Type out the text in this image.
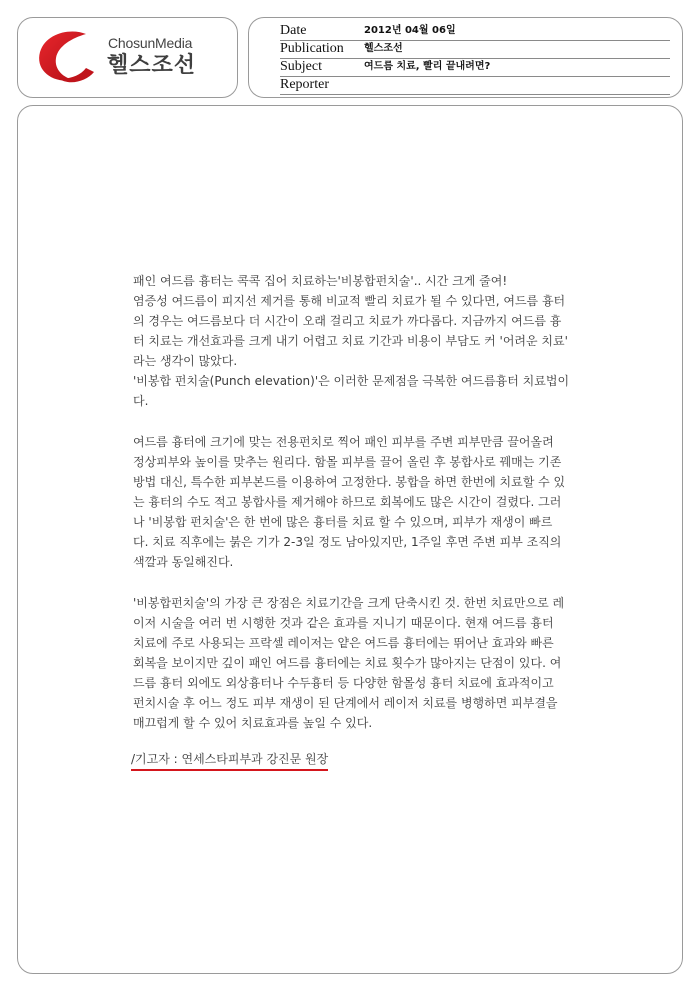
ChosunMedia
헬스조선
Date	2012년 04월 06일
Publication 헬스조선
Subject	여드름 치료, 빨리 끝내려면?
Reporter

패인 여드름 흉터는 콕콕 집어 치료하는'비봉합펀치술'.. 시간 크게 줄여!
염증성 여드름이 피지선 제거를 통해 비교적 빨리 치료가 될 수 있다면, 여드름 흉터
의 경우는 여드름보다 더 시간이 오래 걸리고 치료가 까다롭다. 지금까지 여드름 흉
터 치료는 개선효과를 크게 내기 어렵고 치료 기간과 비용이 부담도 커 '어려운 치료'
라는 생각이 많았다.
'비봉합 펀치술(Punch elevation)'은 이러한 문제점을 극복한 여드름흉터 치료법이
다.

여드름 흉터에 크기에 맞는 전용펀치로 찍어 패인 피부를 주변 피부만큼 끌어올려
정상피부와 높이를 맞추는 원리다. 함몰 피부를 끌어 올린 후 봉합사로 꿰매는 기존
방법 대신, 특수한 피부본드를 이용하여 고정한다. 봉합을 하면 한번에 치료할 수 있
는 흉터의 수도 적고 봉합사를 제거해야 하므로 회복에도 많은 시간이 걸렸다. 그러
나 '비봉합 펀치술'은 한 번에 많은 흉터를 치료 할 수 있으며, 피부가 재생이 빠르
다. 치료 직후에는 붉은 기가 2-3일 정도 남아있지만, 1주일 후면 주변 피부 조직의
색깔과 동일해진다.

'비봉합펀치술'의 가장 큰 장점은 치료기간을 크게 단축시킨 것. 한번 치료만으로 레
이저 시술을 여러 번 시행한 것과 같은 효과를 지니기 때문이다. 현재 여드름 흉터
치료에 주로 사용되는 프락셀 레이저는 얕은 여드름 흉터에는 뛰어난 효과와 빠른
회복을 보이지만 깊이 패인 여드름 흉터에는 치료 횟수가 많아지는 단점이 있다. 여
드름 흉터 외에도 외상흉터나 수두흉터 등 다양한 함몰성 흉터 치료에 효과적이고
펀치시술 후 어느 정도 피부 재생이 된 단계에서 레이저 치료를 병행하면 피부결을
매끄럽게 할 수 있어 치료효과를 높일 수 있다.

/기고자 : 연세스타피부과 강진문 원장
